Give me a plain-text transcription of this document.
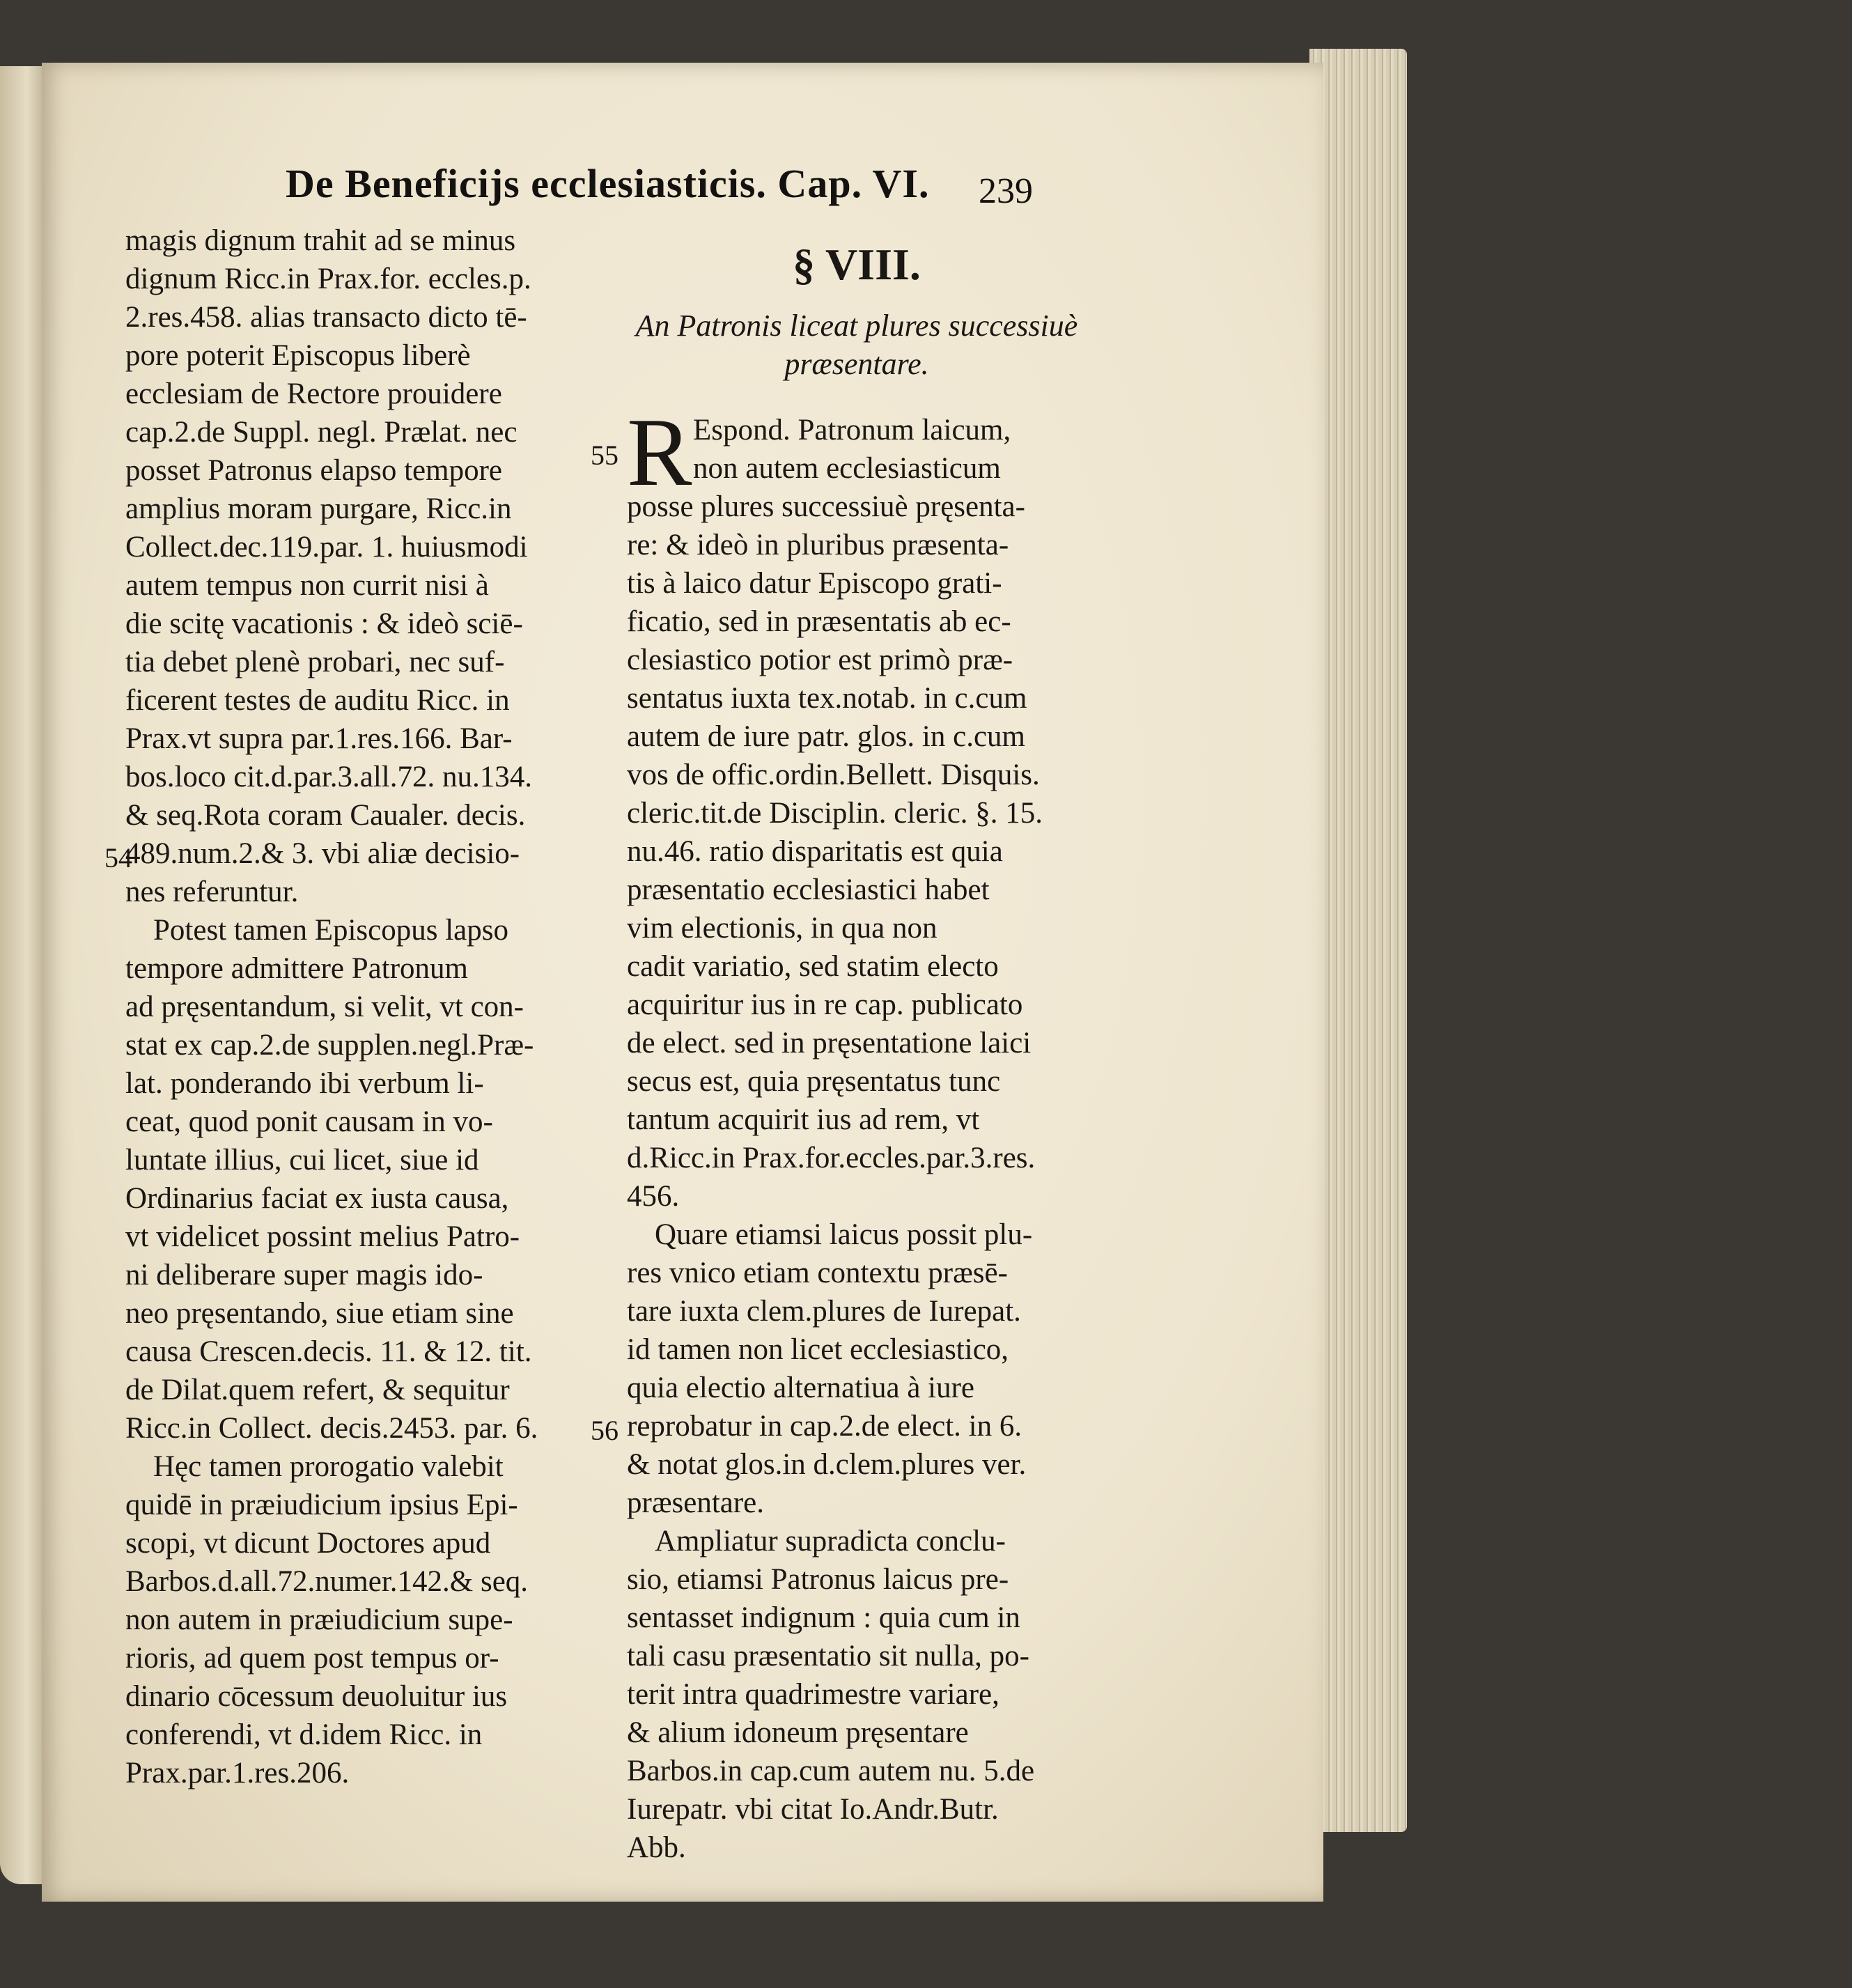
De Beneficijs ecclesiasticis. Cap. VI.	239
magis dignum trahit ad se minus
dignum Ricc.in Prax.for. eccles.p.
2.res.458. alias transacto dicto tē-
pore poterit Episcopus liberè
ecclesiam de Rectore prouidere
cap.2.de Suppl. negl. Prælat. nec
posset Patronus elapso tempore
amplius moram purgare, Ricc.in
Collect.dec.119.par. 1. huiusmodi
autem tempus non currit nisi à
die scitę vacationis : & ideò sciē-
tia debet plenè probari, nec suf-
ficerent testes de auditu Ricc. in
Prax.vt supra par.1.res.166. Bar-
bos.loco cit.d.par.3.all.72. nu.134.
& seq.Rota coram Caualer. decis.
489.num.2.& 3. vbi aliæ decisio-
nes referuntur.
Potest tamen Episcopus lapso
tempore admittere Patronum
ad pręsentandum, si velit, vt con-
stat ex cap.2.de supplen.negl.Præ-
lat. ponderando ibi verbum li-
ceat, quod ponit causam in vo-
luntate illius, cui licet, siue id
Ordinarius faciat ex iusta causa,
vt videlicet possint melius Patro-
ni deliberare super magis ido-
neo pręsentando, siue etiam sine
causa Crescen.decis. 11. & 12. tit.
de Dilat.quem refert, & sequitur
Ricc.in Collect. decis.2453. par. 6.
Hęc tamen prorogatio valebit
quidē in præiudicium ipsius Epi-
scopi, vt dicunt Doctores apud
Barbos.d.all.72.numer.142.& seq.
non autem in præiudicium supe-
rioris, ad quem post tempus or-
dinario cōcessum deuoluitur ius
conferendi, vt d.idem Ricc. in
Prax.par.1.res.206.
54
§ VIII.
An Patronis liceat plures successiuè
præsentare.
R Espond. Patronum laicum,
non autem ecclesiasticum
posse plures successiuè pręsenta-
re: & ideò in pluribus præsenta-
tis à laico datur Episcopo grati-
ficatio, sed in præsentatis ab ec-
clesiastico potior est primò præ-
sentatus iuxta tex.notab. in c.cum
autem de iure patr. glos. in c.cum
vos de offic.ordin.Bellett. Disquis.
cleric.tit.de Disciplin. cleric. §. 15.
nu.46. ratio disparitatis est quia
præsentatio ecclesiastici habet
vim electionis, in qua non
cadit variatio, sed statim electo
acquiritur ius in re cap. publicato
de elect. sed in pręsentatione laici
secus est, quia pręsentatus tunc
tantum acquirit ius ad rem, vt
d.Ricc.in Prax.for.eccles.par.3.res.
456.
Quare etiamsi laicus possit plu-
res vnico etiam contextu præsē-
tare iuxta clem.plures de Iurepat.
id tamen non licet ecclesiastico,
quia electio alternatiua à iure
reprobatur in cap.2.de elect. in 6.
& notat glos.in d.clem.plures ver.
præsentare.
Ampliatur supradicta conclu-
sio, etiamsi Patronus laicus pre-
sentasset indignum : quia cum in
tali casu præsentatio sit nulla, po-
terit intra quadrimestre variare,
& alium idoneum pręsentare
Barbos.in cap.cum autem nu. 5.de
Iurepatr. vbi citat Io.Andr.Butr.
Abb.
55
56
